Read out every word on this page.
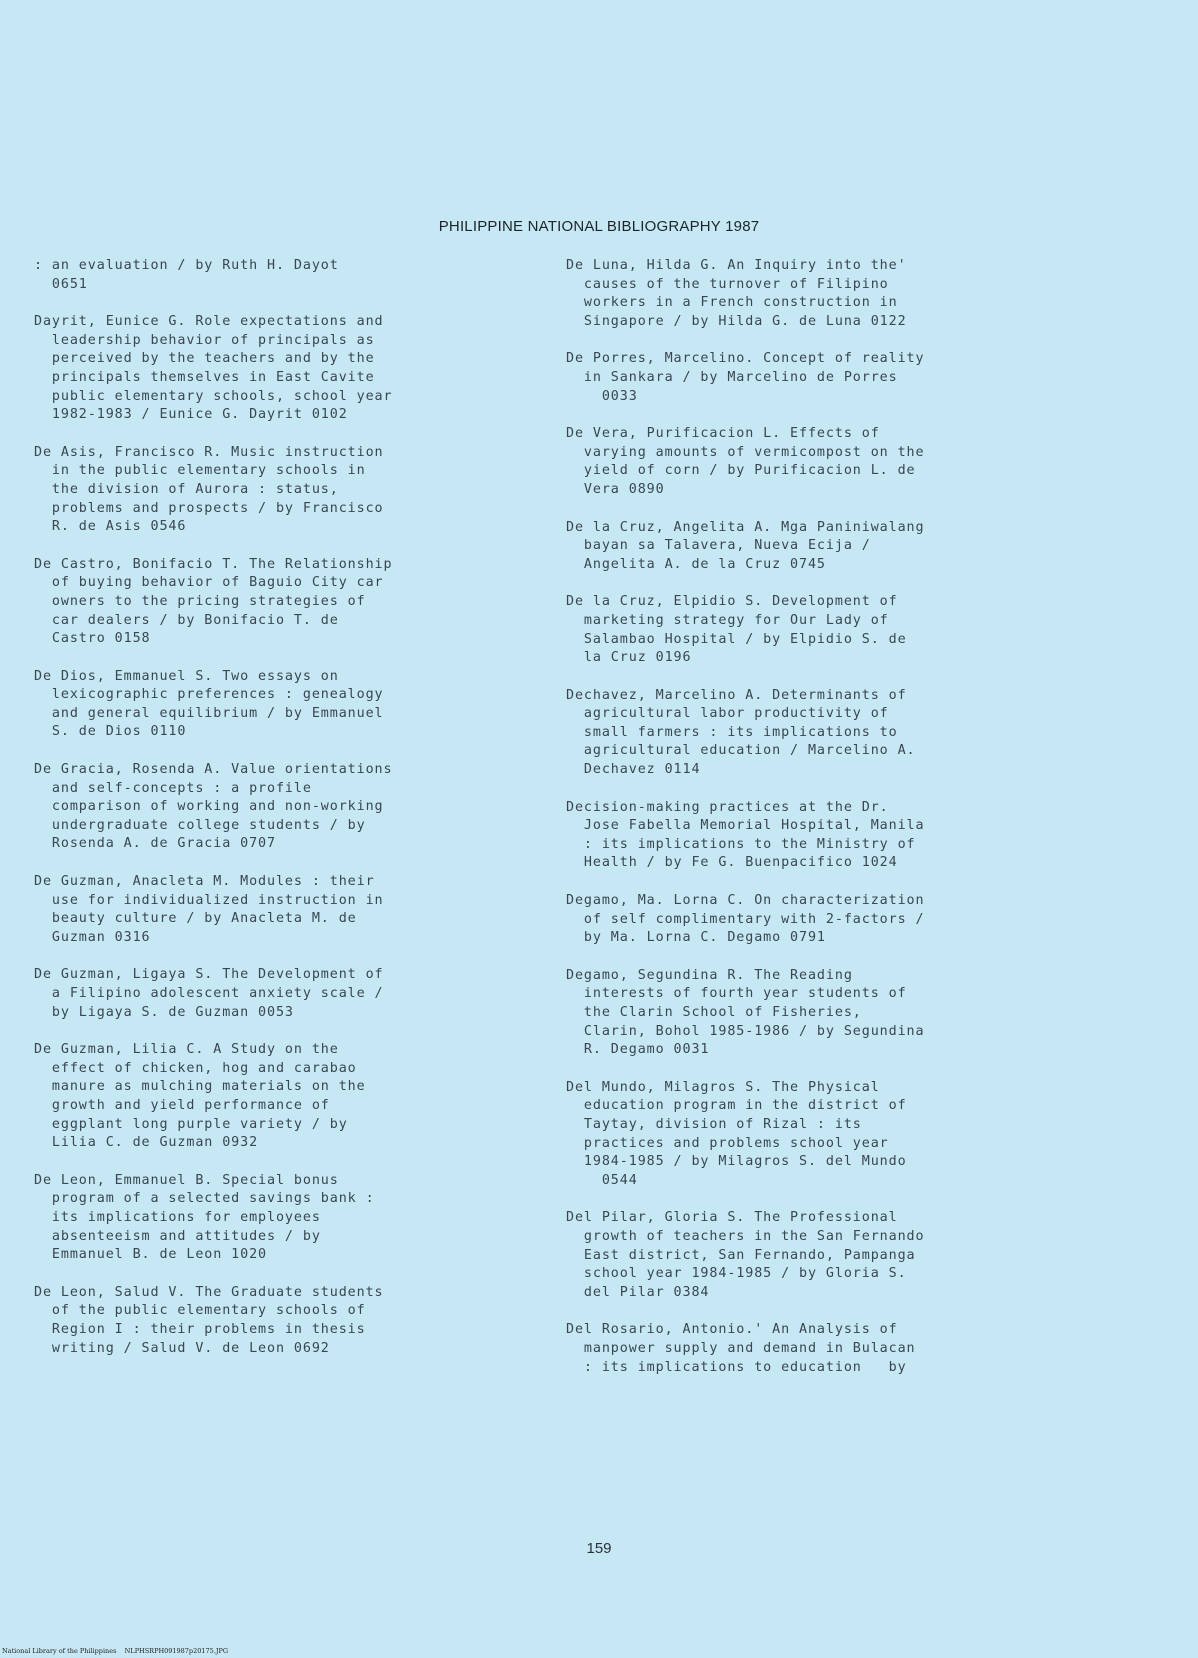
PHILIPPINE NATIONAL BIBLIOGRAPHY 1987

: an evaluation / by Ruth H. Dayot
0651

Dayrit, Eunice G. Role expectations and
leadership behavior of principals as
perceived by the teachers and by the
principals themselves in East Cavite
public elementary schools, school year
1982-1983 / Eunice G. Dayrit 0102

De Asis, Francisco R. Music instruction
in the public elementary schools in
the division of Aurora : status,
problems and prospects / by Francisco
R. de Asis 0546

De Castro, Bonifacio T. The Relationship
of buying behavior of Baguio City car
owners to the pricing strategies of
car dealers / by Bonifacio T. de
Castro 0158

De Dios, Emmanuel S. Two essays on
lexicographic preferences : genealogy
and general equilibrium / by Emmanuel
S. de Dios 0110

De Gracia, Rosenda A. Value orientations
and self-concepts : a profile
comparison of working and non-working
undergraduate college students / by
Rosenda A. de Gracia 0707

De Guzman, Anacleta M. Modules : their
use for individualized instruction in
beauty culture / by Anacleta M. de
Guzman 0316

De Guzman, Ligaya S. The Development of
a Filipino adolescent anxiety scale /
by Ligaya S. de Guzman 0053

De Guzman, Lilia C. A Study on the
effect of chicken, hog and carabao
manure as mulching materials on the
growth and yield performance of
eggplant long purple variety / by
Lilia C. de Guzman 0932

De Leon, Emmanuel B. Special bonus
program of a selected savings bank :
its implications for employees
absenteeism and attitudes / by
Emmanuel B. de Leon 1020

De Leon, Salud V. The Graduate students
of the public elementary schools of
Region I : their problems in thesis
writing / Salud V. de Leon 0692

De Luna, Hilda G. An Inquiry into the'
causes of the turnover of Filipino
workers in a French construction in
Singapore / by Hilda G. de Luna 0122

De Porres, Marcelino. Concept of reality
in Sankara / by Marcelino de Porres
0033

De Vera, Purificacion L. Effects of
varying amounts of vermicompost on the
yield of corn / by Purificacion L. de
Vera 0890

De la Cruz, Angelita A. Mga Paniniwalang
bayan sa Talavera, Nueva Ecija /
Angelita A. de la Cruz 0745

De la Cruz, Elpidio S. Development of
marketing strategy for Our Lady of
Salambao Hospital / by Elpidio S. de
la Cruz 0196

Dechavez, Marcelino A. Determinants of
agricultural labor productivity of
small farmers : its implications to
agricultural education / Marcelino A.
Dechavez 0114

Decision-making practices at the Dr.
Jose Fabella Memorial Hospital, Manila
: its implications to the Ministry of
Health / by Fe G. Buenpacifico 1024

Degamo, Ma. Lorna C. On characterization
of self complimentary with 2-factors /
by Ma. Lorna C. Degamo 0791

Degamo, Segundina R. The Reading
interests of fourth year students of
the Clarin School of Fisheries,
Clarin, Bohol 1985-1986 / by Segundina
R. Degamo 0031

Del Mundo, Milagros S. The Physical
education program in the district of
Taytay, division of Rizal : its
practices and problems school year
1984-1985 / by Milagros S. del Mundo
0544

Del Pilar, Gloria S. The Professional
growth of teachers in the San Fernando
East district, San Fernando, Pampanga
school year 1984-1985 / by Gloria S.
del Pilar 0384

Del Rosario, Antonio.' An Analysis of
manpower supply and demand in Bulacan
: its implications to education   by

159
National Library of the Philippines    NLPHSRPH091987p20175.JPG
